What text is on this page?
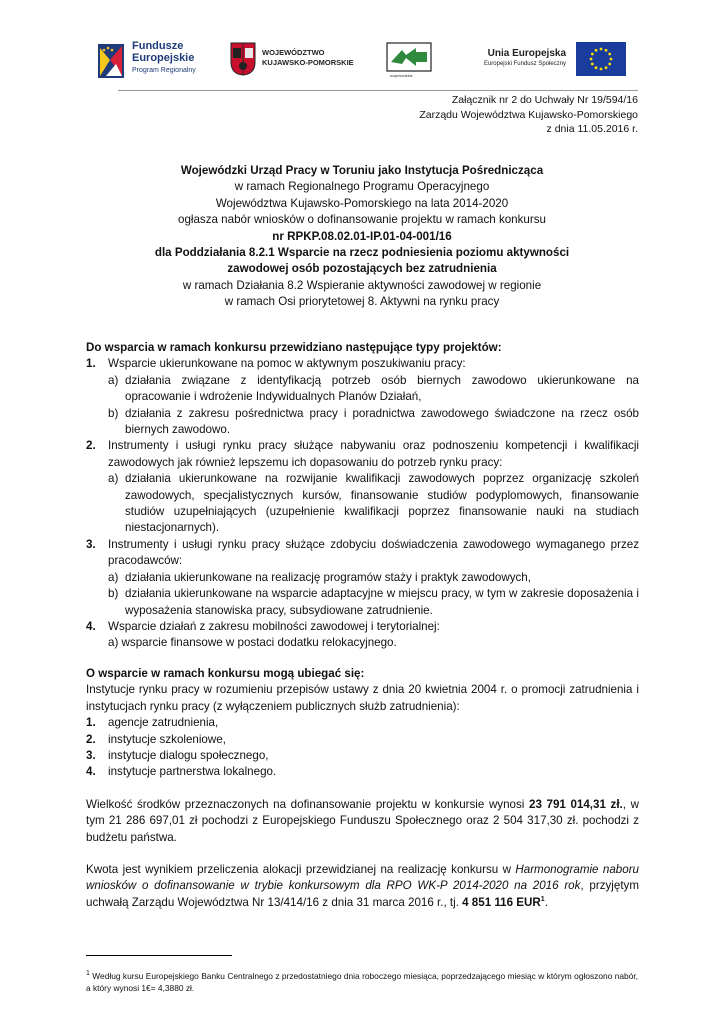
Fundusze
Europejskie
Program Regionalny
WOJEWÓDZTWO
KUJAWSKO-POMORSKIE
wojewódzkie
Unia Europejska
Europejski Fundusz Społeczny
Załącznik nr 2 do Uchwały Nr 19/594/16
Zarządu Województwa Kujawsko-Pomorskiego
z dnia 11.05.2016 r.
Wojewódzki Urząd Pracy w Toruniu jako Instytucja Pośrednicząca
w ramach Regionalnego Programu Operacyjnego
Województwa Kujawsko-Pomorskiego na lata 2014-2020
ogłasza nabór wniosków o dofinansowanie projektu w ramach konkursu
nr RPKP.08.02.01-IP.01-04-001/16
dla Poddziałania 8.2.1 Wsparcie na rzecz podniesienia poziomu aktywności
zawodowej osób pozostających bez zatrudnienia
w ramach Działania 8.2 Wspieranie aktywności zawodowej w regionie
w ramach Osi priorytetowej 8. Aktywni na rynku pracy
Do wsparcia w ramach konkursu przewidziano następujące typy projektów:
1.	Wsparcie ukierunkowane na pomoc w aktywnym poszukiwaniu pracy:
a) działania związane z identyfikacją potrzeb osób biernych zawodowo ukierunkowane na opracowanie i wdrożenie Indywidualnych Planów Działań,
b) działania z zakresu pośrednictwa pracy i poradnictwa zawodowego świadczone na rzecz osób biernych zawodowo.
2.	Instrumenty i usługi rynku pracy służące nabywaniu oraz podnoszeniu kompetencji i kwalifikacji zawodowych jak również lepszemu ich dopasowaniu do potrzeb rynku pracy:
a) działania ukierunkowane na rozwijanie kwalifikacji zawodowych poprzez organizację szkoleń zawodowych, specjalistycznych kursów, finansowanie studiów podyplomowych, finansowanie studiów uzupełniających (uzupełnienie kwalifikacji poprzez finansowanie nauki na studiach niestacjonarnych).
3.	Instrumenty i usługi rynku pracy służące zdobyciu doświadczenia zawodowego wymaganego przez pracodawców:
a) działania ukierunkowane na realizację programów staży i praktyk zawodowych,
b) działania ukierunkowane na wsparcie adaptacyjne w miejscu pracy, w tym w zakresie doposażenia i wyposażenia stanowiska pracy, subsydiowane zatrudnienie.
4.	Wsparcie działań z zakresu mobilności zawodowej i terytorialnej:
a) wsparcie finansowe w postaci dodatku relokacyjnego.
O wsparcie w ramach konkursu mogą ubiegać się:
Instytucje rynku pracy w rozumieniu przepisów ustawy z dnia 20 kwietnia 2004 r. o promocji zatrudnienia i instytucjach rynku pracy (z wyłączeniem publicznych służb zatrudnienia):
1.	agencje zatrudnienia,
2.	instytucje szkoleniowe,
3.	instytucje dialogu społecznego,
4.	instytucje partnerstwa lokalnego.
Wielkość środków przeznaczonych na dofinansowanie projektu w konkursie wynosi 23 791 014,31 zł., w tym 21 286 697,01 zł pochodzi z Europejskiego Funduszu Społecznego oraz 2 504 317,30 zł. pochodzi z budżetu państwa.
Kwota jest wynikiem przeliczenia alokacji przewidzianej na realizację konkursu w Harmonogramie naboru wniosków o dofinansowanie w trybie konkursowym dla RPO WK-P 2014-2020 na 2016 rok, przyjętym uchwałą Zarządu Województwa Nr 13/414/16 z dnia 31 marca 2016 r., tj. 4 851 116 EUR$^1$.
$^1$ Według kursu Europejskiego Banku Centralnego z przedostatniego dnia roboczego miesiąca, poprzedzającego miesiąc w którym ogłoszono nabór, a który wynosi 1€= 4,3880 zł.
